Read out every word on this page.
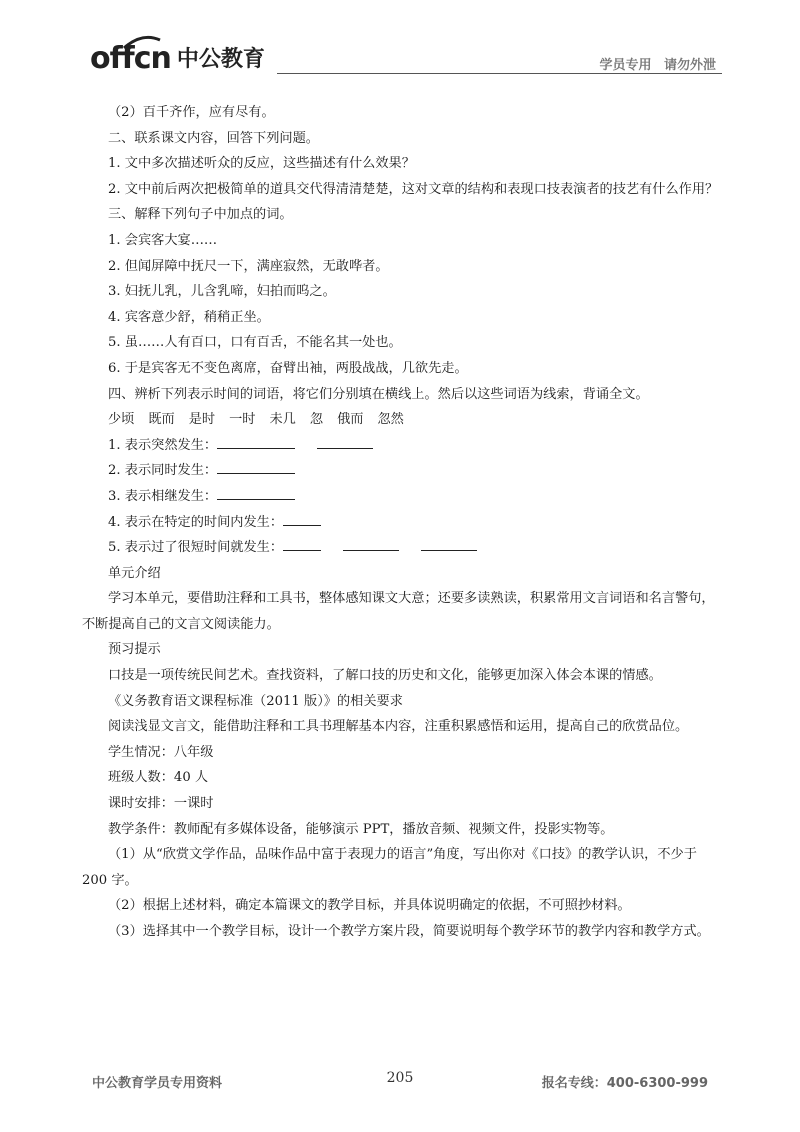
offcn 中公教育	学员专用 请勿外泄
（2）百千齐作，应有尽有。
二、联系课文内容，回答下列问题。
1. 文中多次描述听众的反应，这些描述有什么效果？
2. 文中前后两次把极简单的道具交代得清清楚楚，这对文章的结构和表现口技表演者的技艺有什么作用？
三、解释下列句子中加点的词。
1. 会宾客大宴……
2. 但闻屏障中抚尺一下，满座寂然，无敢哗者。
3. 妇抚儿乳，儿含乳啼，妇拍而呜之。
4. 宾客意少舒，稍稍正坐。
5. 虽……人有百口，口有百舌，不能名其一处也。
6. 于是宾客无不变色离席，奋臂出袖，两股战战，几欲先走。
四、辨析下列表示时间的词语，将它们分别填在横线上。然后以这些词语为线索，背诵全文。
少顷 既而 是时 一时 未几 忽 俄而 忽然
1. 表示突然发生：
2. 表示同时发生：
3. 表示相继发生：
4. 表示在特定的时间内发生：
5. 表示过了很短时间就发生：
单元介绍
学习本单元，要借助注释和工具书，整体感知课文大意；还要多读熟读，积累常用文言词语和名言警句，不断提高自己的文言文阅读能力。
预习提示
口技是一项传统民间艺术。查找资料，了解口技的历史和文化，能够更加深入体会本课的情感。
《义务教育语文课程标准（2011 版）》的相关要求
阅读浅显文言文，能借助注释和工具书理解基本内容，注重积累感悟和运用，提高自己的欣赏品位。
学生情况：八年级
班级人数：40 人
课时安排：一课时
教学条件：教师配有多媒体设备，能够演示 PPT，播放音频、视频文件，投影实物等。
（1）从“欣赏文学作品，品味作品中富于表现力的语言”角度，写出你对《口技》的教学认识，不少于 200 字。
（2）根据上述材料，确定本篇课文的教学目标，并具体说明确定的依据，不可照抄材料。
（3）选择其中一个教学目标，设计一个教学方案片段，简要说明每个教学环节的教学内容和教学方式。
中公教育学员专用资料	205	报名专线：400-6300-999
